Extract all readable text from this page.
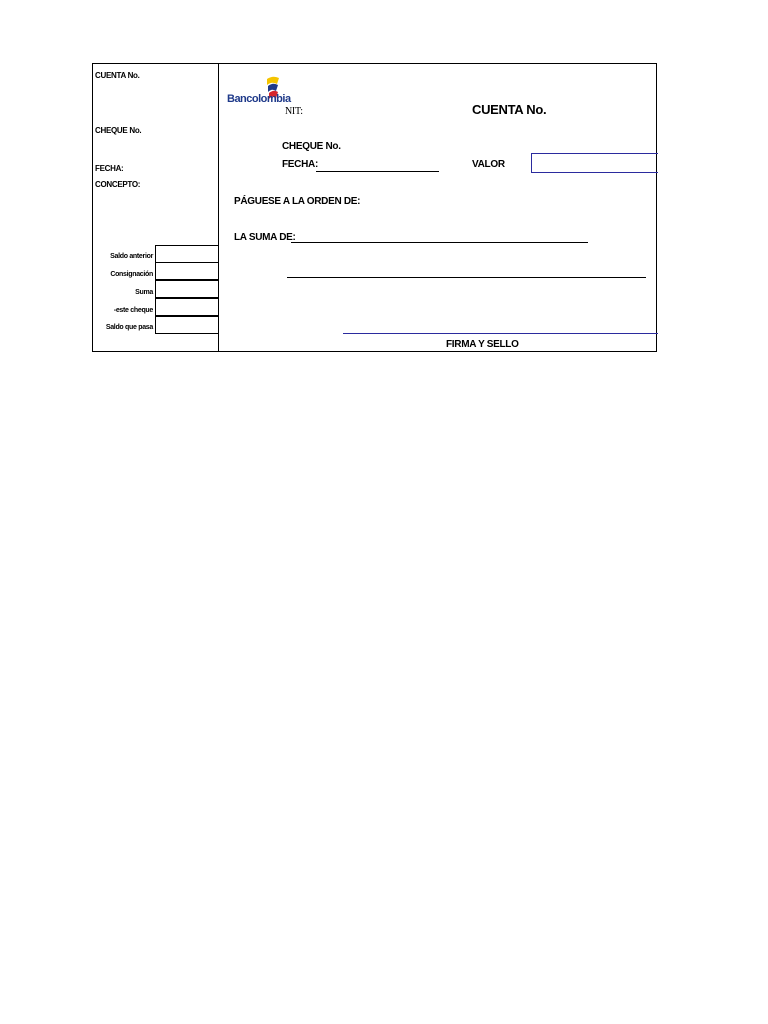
CUENTA No.
CHEQUE No.
FECHA:
CONCEPTO:
Saldo anterior
Consignación
Suma
-este cheque
Saldo que pasa
Bancolombia
NIT:	CUENTA No.
CHEQUE No.
FECHA:	VALOR
PÁGUESE A LA ORDEN DE:
LA SUMA DE:
FIRMA Y SELLO
